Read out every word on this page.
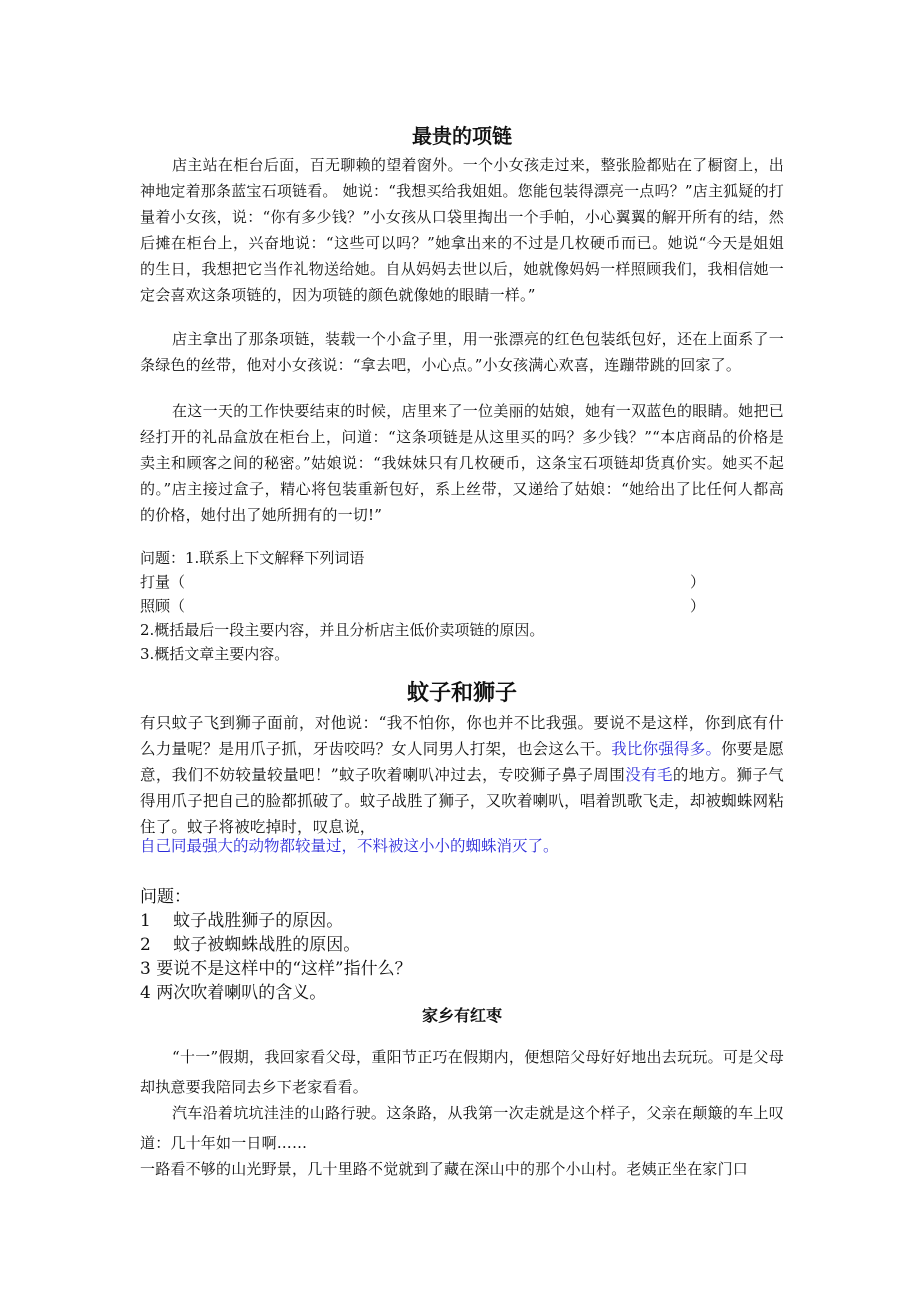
最贵的项链
店主站在柜台后面，百无聊赖的望着窗外。一个小女孩走过来，整张脸都贴在了橱窗上，出神地定着那条蓝宝石项链看。 她说：“我想买给我姐姐。您能包装得漂亮一点吗？”店主狐疑的打量着小女孩，说：“你有多少钱？”小女孩从口袋里掏出一个手帕，小心翼翼的解开所有的结，然后摊在柜台上，兴奋地说：“这些可以吗？”她拿出来的不过是几枚硬币而已。她说“今天是姐姐的生日，我想把它当作礼物送给她。自从妈妈去世以后，她就像妈妈一样照顾我们，我相信她一定会喜欢这条项链的，因为项链的颜色就像她的眼睛一样。”
店主拿出了那条项链，装载一个小盒子里，用一张漂亮的红色包装纸包好，还在上面系了一条绿色的丝带，他对小女孩说：“拿去吧，小心点。”小女孩满心欢喜，连蹦带跳的回家了。
在这一天的工作快要结束的时候，店里来了一位美丽的姑娘，她有一双蓝色的眼睛。她把已经打开的礼品盒放在柜台上，问道：“这条项链是从这里买的吗？多少钱？”“本店商品的价格是卖主和顾客之间的秘密。”姑娘说：“我妹妹只有几枚硬币，这条宝石项链却货真价实。她买不起的。”店主接过盒子，精心将包装重新包好，系上丝带，又递给了姑娘：“她给出了比任何人都高的价格，她付出了她所拥有的一切!”
问题：1.联系上下文解释下列词语
打量（	）
照顾（	）
2.概括最后一段主要内容，并且分析店主低价卖项链的原因。
3.概括文章主要内容。
蚊子和狮子
有只蚊子飞到狮子面前，对他说：“我不怕你，你也并不比我强。要说不是这样，你到底有什么力量呢？是用爪子抓，牙齿咬吗？女人同男人打架，也会这么干。我比你强得多。你要是愿意，我们不妨较量较量吧！”蚊子吹着喇叭冲过去，专咬狮子鼻子周围没有毛的地方。狮子气得用爪子把自己的脸都抓破了。蚊子战胜了狮子，又吹着喇叭，唱着凯歌飞走，却被蜘蛛网粘住了。蚊子将被吃掉时，叹息说，
自己同最强大的动物都较量过，不料被这小小的蜘蛛消灭了。
问题：
1　 蚊子战胜狮子的原因。
2　 蚊子被蜘蛛战胜的原因。
3 要说不是这样中的“这样”指什么？
4 两次吹着喇叭的含义。
家乡有红枣
“十一”假期，我回家看父母，重阳节正巧在假期内，便想陪父母好好地出去玩玩。可是父母却执意要我陪同去乡下老家看看。
汽车沿着坑坑洼洼的山路行驶。这条路，从我第一次走就是这个样子，父亲在颠簸的车上叹道：几十年如一日啊……
一路看不够的山光野景，几十里路不觉就到了藏在深山中的那个小山村。老姨正坐在家门口
